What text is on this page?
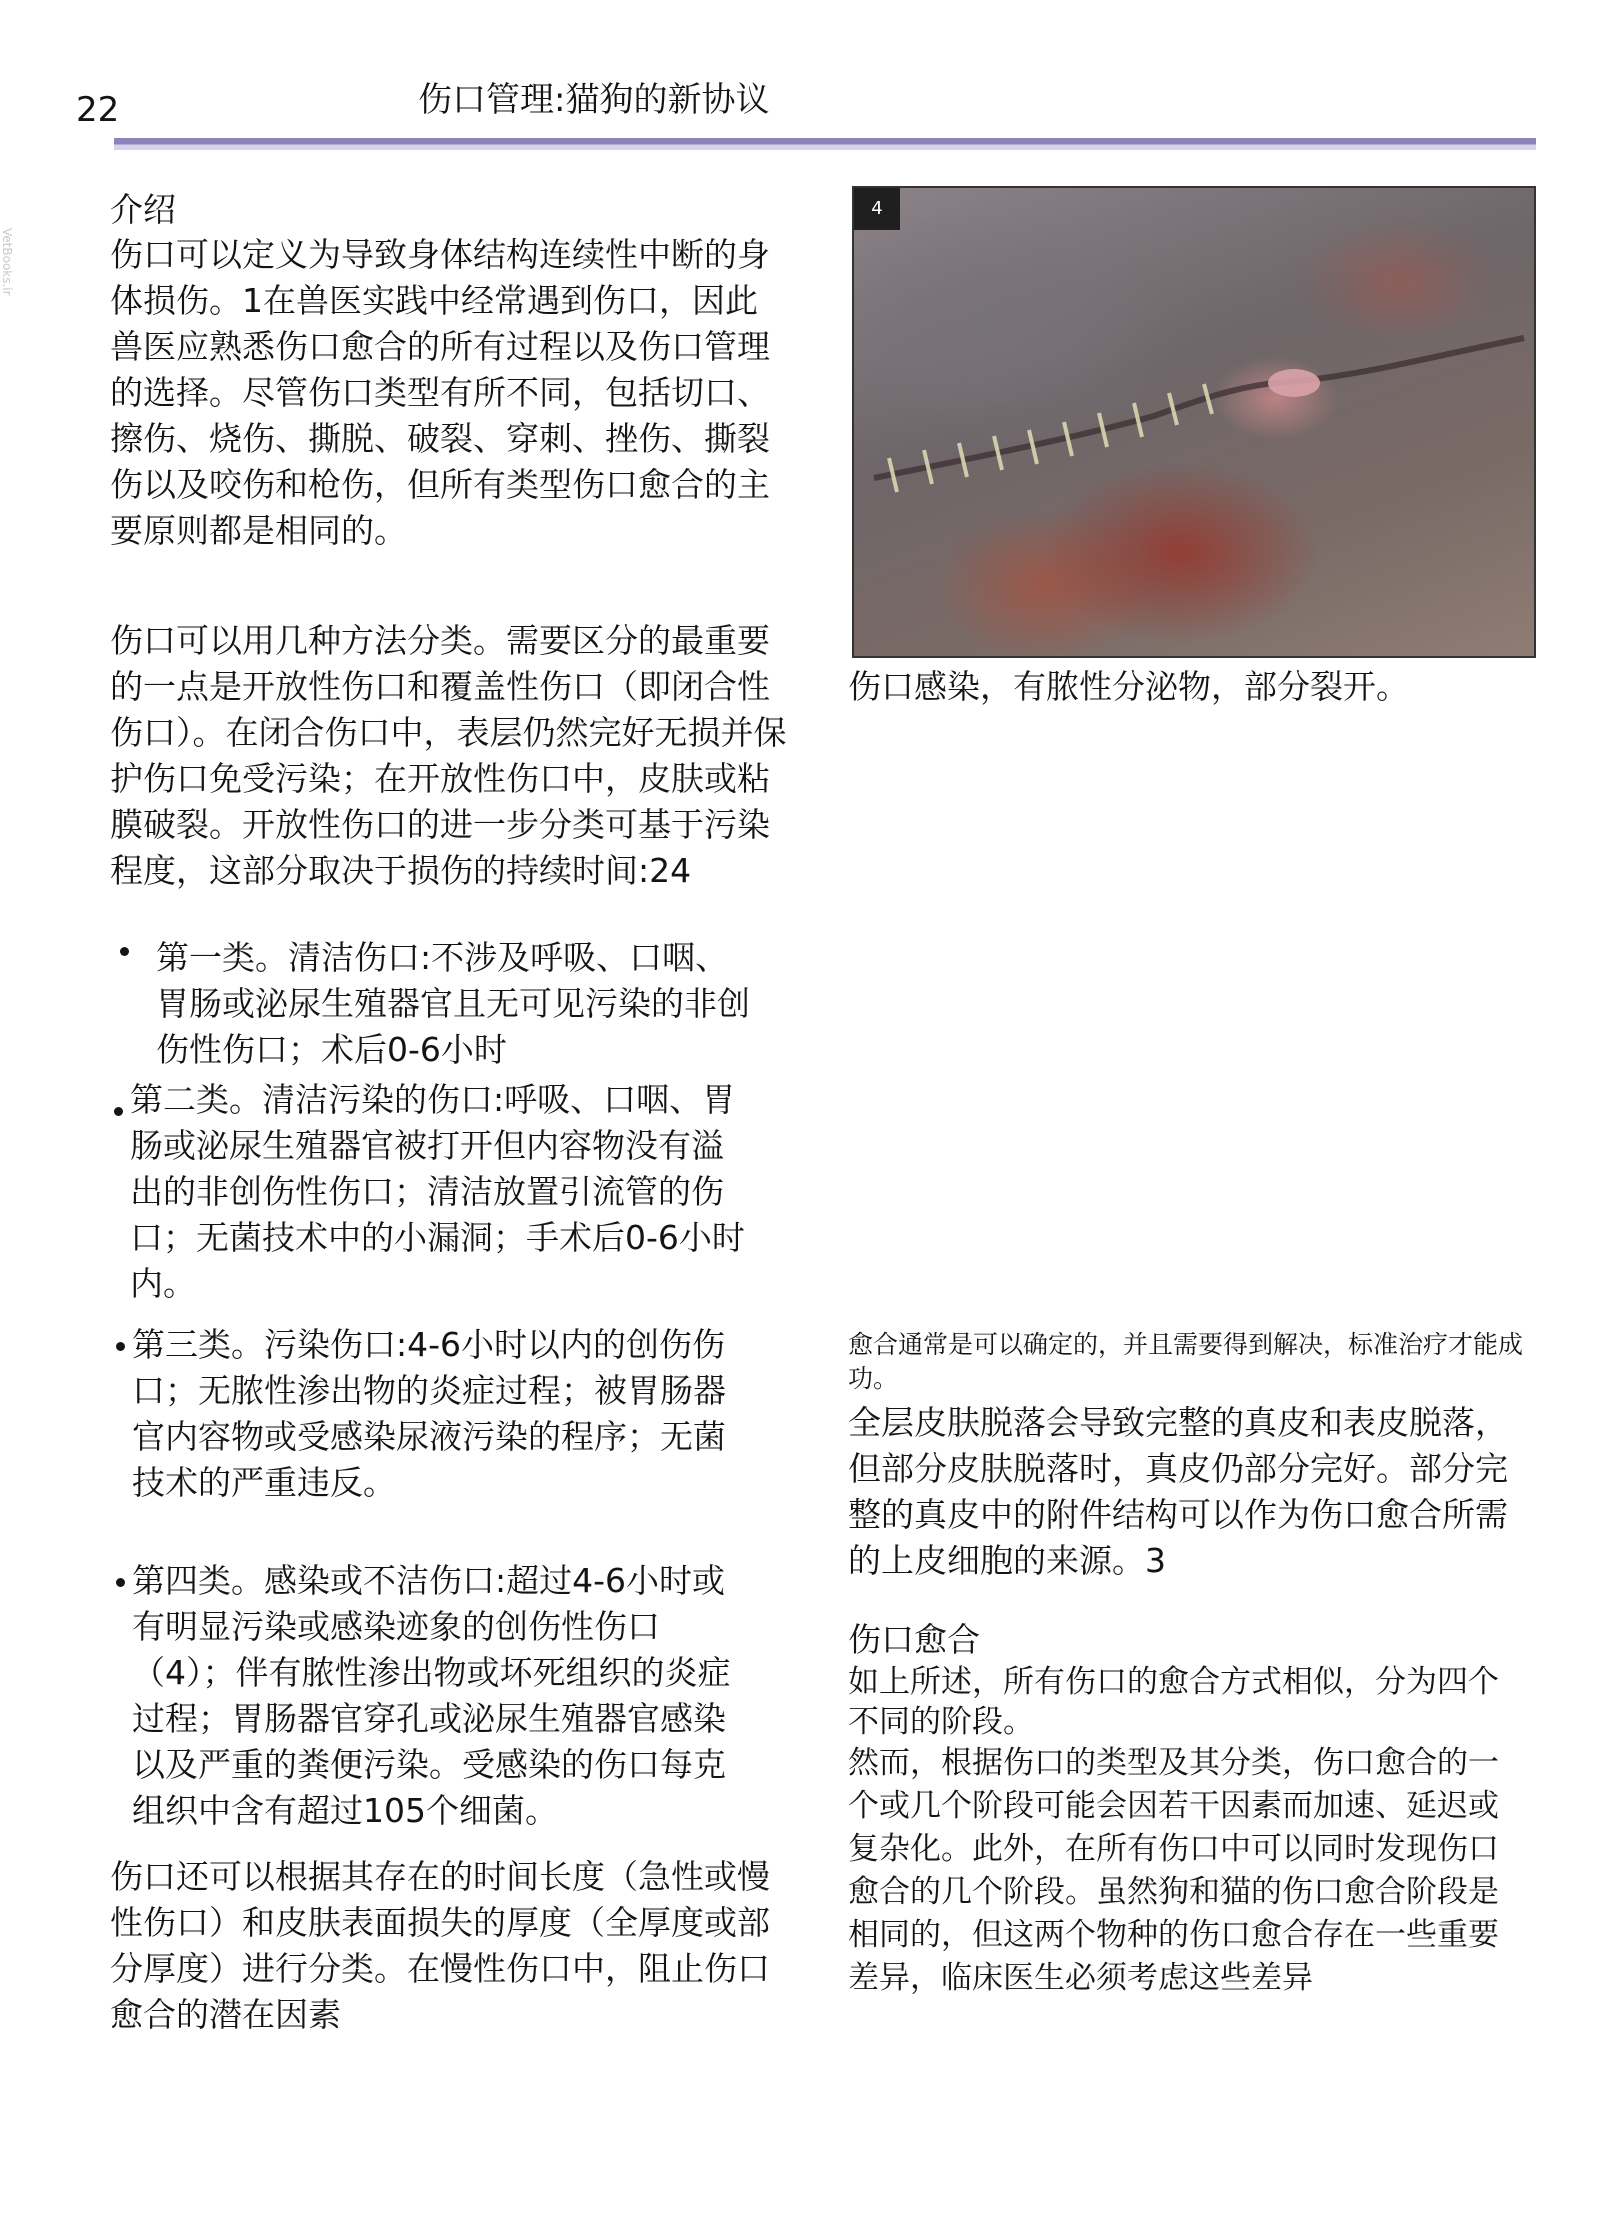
22	伤口管理:猫狗的新协议
VetBooks.ir

介绍

伤口可以定义为导致身体结构连续性中断的身体损伤。1在兽医实践中经常遇到伤口，因此兽医应熟悉伤口愈合的所有过程以及伤口管理的选择。尽管伤口类型有所不同，包括切口、擦伤、烧伤、撕脱、破裂、穿刺、挫伤、撕裂伤以及咬伤和枪伤，但所有类型伤口愈合的主要原则都是相同的。

伤口可以用几种方法分类。需要区分的最重要的一点是开放性伤口和覆盖性伤口（即闭合性伤口）。在闭合伤口中，表层仍然完好无损并保护伤口免受污染；在开放性伤口中，皮肤或粘膜破裂。开放性伤口的进一步分类可基于污染程度，这部分取决于损伤的持续时间:24

第一类。清洁伤口:不涉及呼吸、口咽、胃肠或泌尿生殖器官且无可见污染的非创伤性伤口；术后0-6小时

第二类。清洁污染的伤口:呼吸、口咽、胃肠或泌尿生殖器官被打开但内容物没有溢出的非创伤性伤口；清洁放置引流管的伤口；无菌技术中的小漏洞；手术后0-6小时内。

第三类。污染伤口:4-6小时以内的创伤伤口；无脓性渗出物的炎症过程；被胃肠器官内容物或受感染尿液污染的程序；无菌技术的严重违反。

第四类。感染或不洁伤口:超过4-6小时或有明显污染或感染迹象的创伤性伤口（4）；伴有脓性渗出物或坏死组织的炎症过程；胃肠器官穿孔或泌尿生殖器官感染以及严重的粪便污染。受感染的伤口每克组织中含有超过105个细菌。

伤口还可以根据其存在的时间长度（急性或慢性伤口）和皮肤表面损失的厚度（全厚度或部分厚度）进行分类。在慢性伤口中，阻止伤口愈合的潜在因素

4
伤口感染，有脓性分泌物，部分裂开。

愈合通常是可以确定的，并且需要得到解决，标准治疗才能成功。

全层皮肤脱落会导致完整的真皮和表皮脱落，但部分皮肤脱落时，真皮仍部分完好。部分完整的真皮中的附件结构可以作为伤口愈合所需的上皮细胞的来源。3

伤口愈合

如上所述，所有伤口的愈合方式相似，分为四个不同的阶段。

然而，根据伤口的类型及其分类，伤口愈合的一个或几个阶段可能会因若干因素而加速、延迟或复杂化。此外，在所有伤口中可以同时发现伤口愈合的几个阶段。虽然狗和猫的伤口愈合阶段是相同的，但这两个物种的伤口愈合存在一些重要差异，临床医生必须考虑这些差异
